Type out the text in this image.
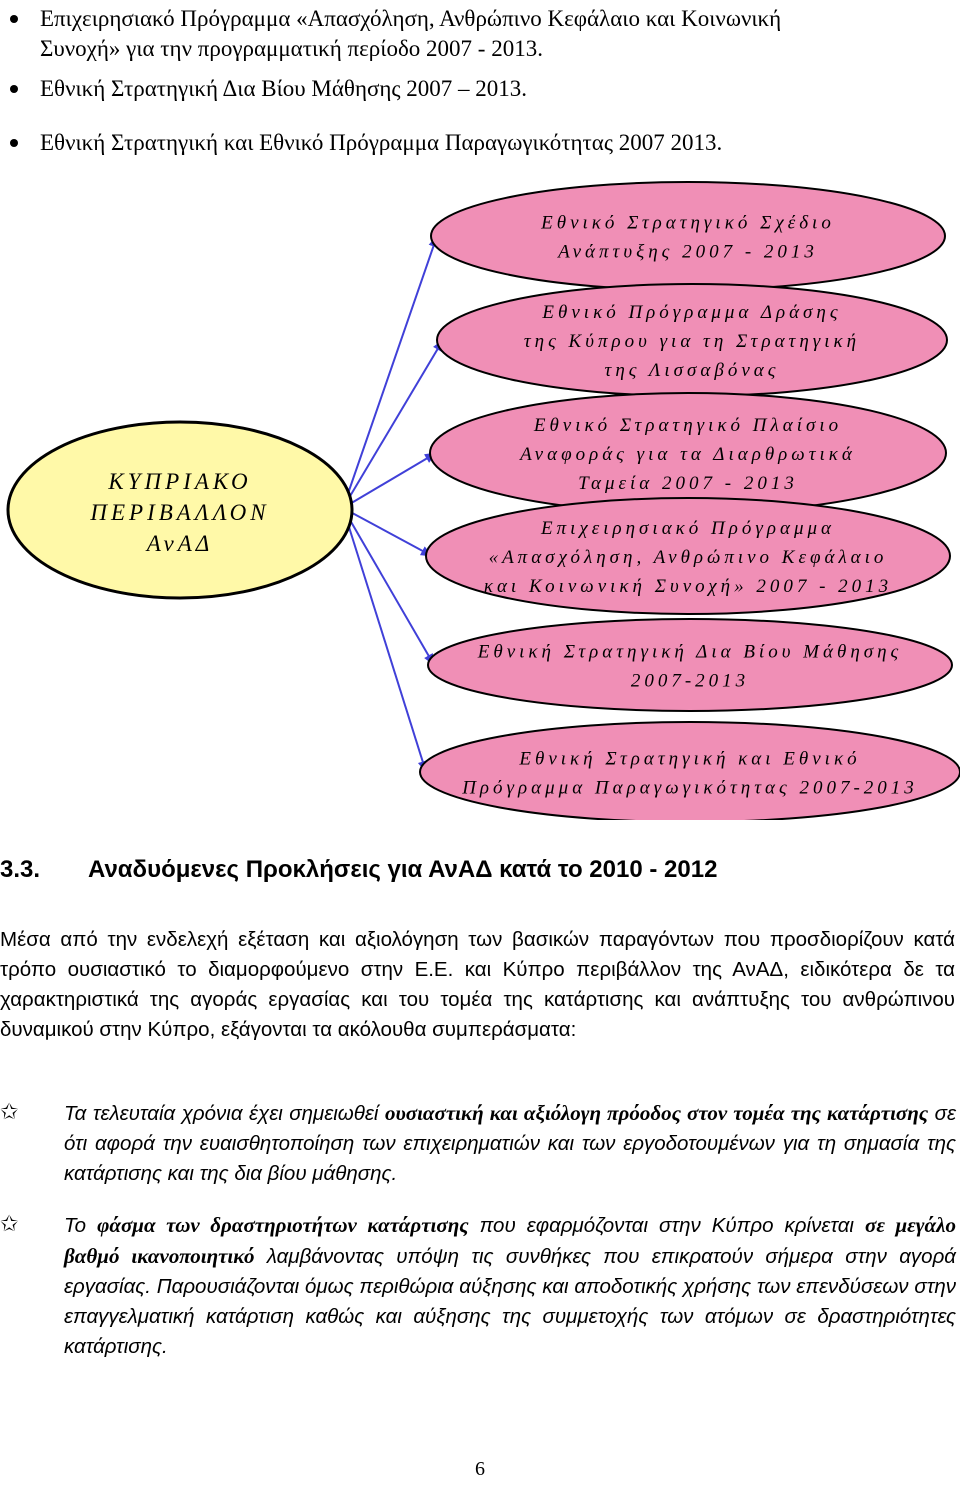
Επιχειρησιακό Πρόγραμμα «Απασχόληση, Ανθρώπινο Κεφάλαιο και Κοινωνική
Συνοχή» για την προγραμματική περίοδο 2007 - 2013.
Εθνική Στρατηγική Δια Βίου Μάθησης 2007 – 2013.
Εθνική Στρατηγική και Εθνικό Πρόγραμμα Παραγωγικότητας 2007 2013.
Εθνικό Στρατηγικό Σχέδιο
Ανάπτυξης 2007 - 2013
Εθνικό Πρόγραμμα Δράσης
της Κύπρου για τη Στρατηγική
της Λισσαβόνας
Εθνικό Στρατηγικό Πλαίσιο
Αναφοράς για τα Διαρθρωτικά
Ταμεία 2007 - 2013
Επιχειρησιακό Πρόγραμμα
«Απασχόληση, Ανθρώπινο Κεφάλαιο
και Κοινωνική Συνοχή» 2007 - 2013
Εθνική Στρατηγική Δια Βίου Μάθησης
2007-2013
Εθνική Στρατηγική και Εθνικό
Πρόγραμμα Παραγωγικότητας 2007-2013
ΚΥΠΡΙΑΚΟ
ΠΕΡΙΒΑΛΛΟΝ
ΑνΑΔ
3.3. Αναδυόμενες Προκλήσεις για ΑνΑΔ κατά το 2010 - 2012
Μέσα από την ενδελεχή εξέταση και αξιολόγηση των βασικών παραγόντων που προσδιορίζουν κατά τρόπο ουσιαστικό το διαμορφούμενο στην Ε.Ε. και Κύπρο περιβάλλον της ΑνΑΔ, ειδικότερα δε τα χαρακτηριστικά της αγοράς εργασίας και του τομέα της κατάρτισης και ανάπτυξης του ανθρώπινου δυναμικού στην Κύπρο, εξάγονται τα ακόλουθα συμπεράσματα:
✩ Τα τελευταία χρόνια έχει σημειωθεί ουσιαστική και αξιόλογη πρόοδος στον τομέα της κατάρτισης σε ότι αφορά την ευαισθητοποίηση των επιχειρηματιών και των εργοδοτουμένων για τη σημασία της κατάρτισης και της δια βίου μάθησης.
✩ Το φάσμα των δραστηριοτήτων κατάρτισης που εφαρμόζονται στην Κύπρο κρίνεται σε μεγάλο βαθμό ικανοποιητικό λαμβάνοντας υπόψη τις συνθήκες που επικρατούν σήμερα στην αγορά εργασίας. Παρουσιάζονται όμως περιθώρια αύξησης και αποδοτικής χρήσης των επενδύσεων στην επαγγελματική κατάρτιση καθώς και αύξησης της συμμετοχής των ατόμων σε δραστηριότητες κατάρτισης.
6
